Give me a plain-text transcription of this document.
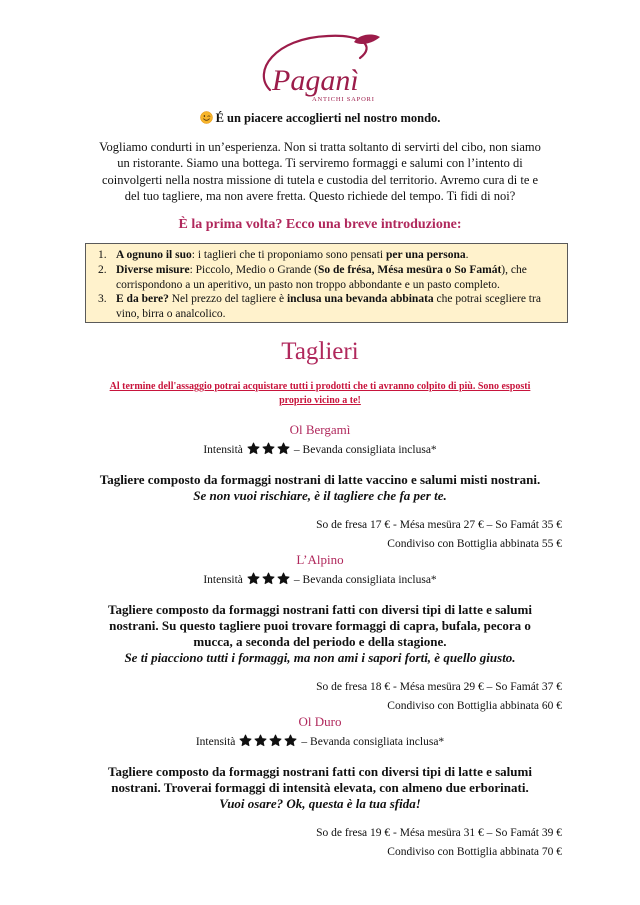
Paganì
ANTICHI SAPORI
É un piacere accoglierti nel nostro mondo.
Vogliamo condurti in un’esperienza. Non si tratta soltanto di servirti del cibo, non siamo
un ristorante. Siamo una bottega. Ti serviremo formaggi e salumi con l’intento di
coinvolgerti nella nostra missione di tutela e custodia del territorio. Avremo cura di te e
del tuo tagliere, ma non avere fretta. Questo richiede del tempo. Ti fidi di noi?
È la prima volta? Ecco una breve introduzione:
1. A ognuno il suo: i taglieri che ti proponiamo sono pensati per una persona.
2. Diverse misure: Piccolo, Medio o Grande (So de frésa, Mésa mesüra o So Famát), che corrispondono a un aperitivo, un pasto non troppo abbondante e un pasto completo.
3. E da bere? Nel prezzo del tagliere è inclusa una bevanda abbinata che potrai scegliere tra vino, birra o analcolico.
Taglieri
Al termine dell'assaggio potrai acquistare tutti i prodotti che ti avranno colpito di più. Sono esposti
proprio vicino a te!
Ol Bergamì
Intensità	– Bevanda consigliata inclusa*
Tagliere composto da formaggi nostrani di latte vaccino e salumi misti nostrani.
Se non vuoi rischiare, è il tagliere che fa per te.
So de fresa 17 € - Mésa mesüra 27 € – So Famát 35 €
Condiviso con Bottiglia abbinata 55 €
L’Alpino
Intensità	– Bevanda consigliata inclusa*
Tagliere composto da formaggi nostrani fatti con diversi tipi di latte e salumi
nostrani. Su questo tagliere puoi trovare formaggi di capra, bufala, pecora o
mucca, a seconda del periodo e della stagione.
Se ti piacciono tutti i formaggi, ma non ami i sapori forti, è quello giusto.
So de fresa 18 € - Mésa mesüra 29 € – So Famát 37 €
Condiviso con Bottiglia abbinata 60 €
Ol Duro
Intensità	– Bevanda consigliata inclusa*
Tagliere composto da formaggi nostrani fatti con diversi tipi di latte e salumi
nostrani. Troverai formaggi di intensità elevata, con almeno due erborinati.
Vuoi osare? Ok, questa è la tua sfida!
So de fresa 19 € - Mésa mesüra 31 € – So Famát 39 €
Condiviso con Bottiglia abbinata 70 €
